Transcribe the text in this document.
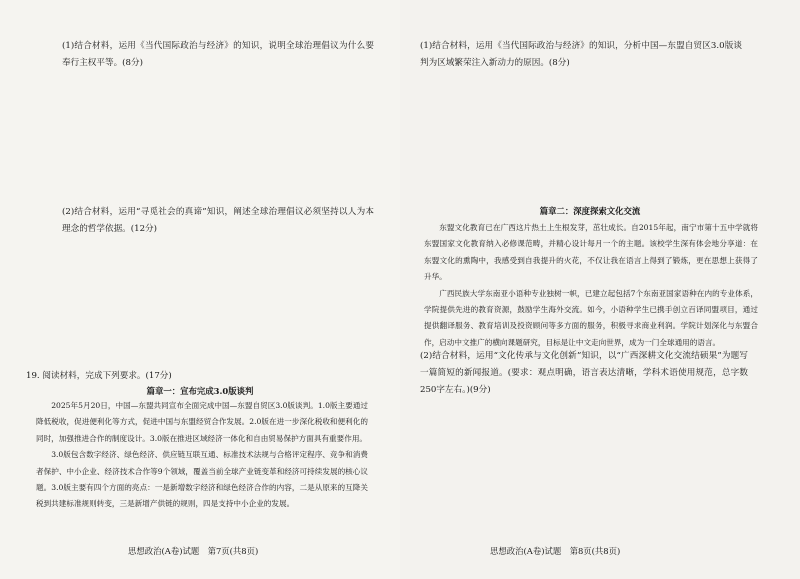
(1)结合材料，运用《当代国际政治与经济》的知识，说明全球治理倡议为什么要奉行主权平等。(8分)

(2)结合材料，运用“寻觅社会的真谛”知识，阐述全球治理倡议必须坚持以人为本理念的哲学依据。(12分)

19. 阅读材料，完成下列要求。(17分)

篇章一：宣布完成3.0版谈判

2025年5月20日，中国—东盟共同宣布全面完成中国—东盟自贸区3.0版谈判。1.0版主要通过降低税收，促进便利化等方式，促进中国与东盟经贸合作发展。2.0版在进一步深化税收和便利化的同时，加强推进合作的制度设计。3.0版在推进区域经济一体化和自由贸易保护方面具有重要作用。

3.0版包含数字经济、绿色经济、供应链互联互通、标准技术法规与合格评定程序、竞争和消费者保护、中小企业、经济技术合作等9个领域，覆盖当前全球产业链变革和经济可持续发展的核心议题。3.0版主要有四个方面的亮点：一是新增数字经济和绿色经济合作的内容，二是从原来的互降关税到共建标准规则转变，三是新增产供链的规则，四是支持中小企业的发展。

思想政治(A卷)试题　第7页(共8页)

(1)结合材料，运用《当代国际政治与经济》的知识，分析中国—东盟自贸区3.0版谈判为区域繁荣注入新动力的原因。(8分)

篇章二：深度探索文化交流

东盟文化教育已在广西这片热土上生根发芽，茁壮成长。自2015年起，南宁市第十五中学就将东盟国家文化教育纳入必修课范畴，并精心设计每月一个的主题。该校学生深有体会地分享道：在东盟文化的熏陶中，我感受到自我提升的火花，不仅让我在语言上得到了锻炼，更在思想上获得了升华。

广西民族大学东南亚小语种专业独树一帜，已建立起包括7个东南亚国家语种在内的专业体系，学院提供先进的教育资源，鼓励学生海外交流。如今，小语种学生已携手创立百译同盟项目，通过提供翻译服务、教育培训及投资顾问等多方面的服务，积极寻求商业利润。学院计划深化与东盟合作，启动中文推广的横向课题研究，目标是让中文走向世界，成为一门全球通用的语言。

(2)结合材料，运用“文化传承与文化创新”知识，以“广西深耕文化交流结硕果”为题写一篇简短的新闻报道。(要求：观点明确，语言表达清晰，学科术语使用规范，总字数250字左右。)(9分)

思想政治(A卷)试题　第8页(共8页)
